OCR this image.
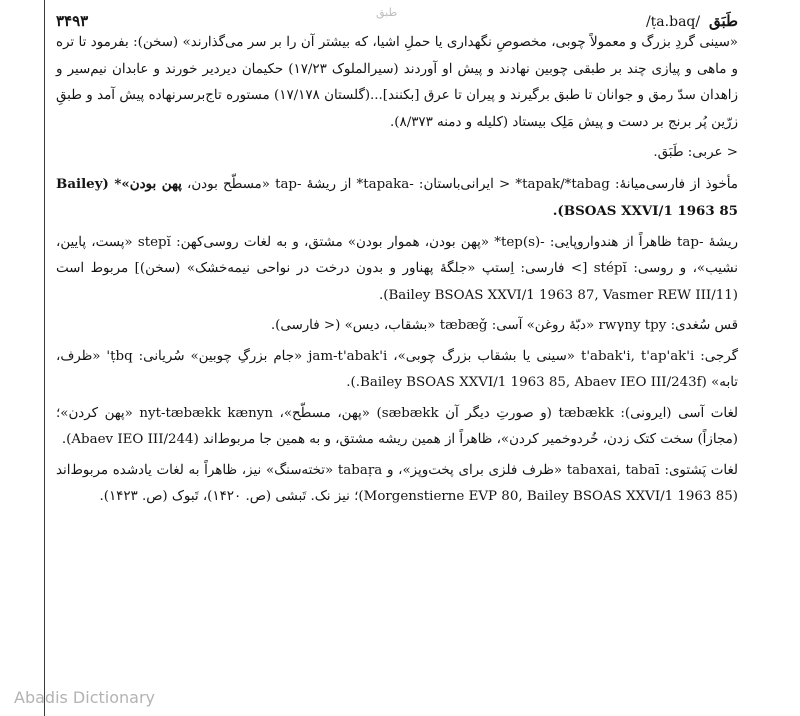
طبق	طَبَق  /ṭa.baq/
۳۴۹۳

«سینی گردِ بزرگ و معمولاً چوبی، مخصوصِ نگهداری یا حملِ اشیا، که بیشتر آن را بر سر می‌گذارند» (سخن): بفرمود تا تره و ماهی و پیازی چند بر طبقی چوبین نهادند و پیش او آوردند (سیرالملوک ۱۷/۲۳) حکیمان دیردیر خورند و عابدان نیم‌سیر و زاهدان سدّ رمق و جوانان تا طبق برگیرند و پیران تا عرق [بکنند]...(گلستان ۱۷/۱۷۸) مستوره تاج‌برسرنهاده پیش آمد و طبقِ زرّین پُر برنج بر دست و پیش مَلِک بیستاد (کلیله و دمنه ۸/۳۷۳).

< عربی: طَبَق.

مأخوذ از فارسی‌میانهٔ: tapak/*tabag* < ایرانی‌باستان: -tapaka* از ریشهٔ -tap «مسطّح بودن، پهن بودن»* (Bailey BSOAS XXVI/1 1963 85).

ریشهٔ -tap ظاهراً از هندواروپایی: -(s)tep* «پهن بودن، هموار بودن» مشتق، و به لغات روسی‌کهن: stepĭ «پست، پایین، نشیب»، و روسی: stépĭ [> فارسی: اِستپ «جلگهٔ پهناور و بدون درخت در نواحی نیمه‌خشک» (سخن)] مربوط است (Bailey BSOAS XXVI/1 1963 87, Vasmer REW III/11).

قس سُغدی: rwγny tpy «دبّهٔ روغن» آسی: tæbæǧ «بشقاب، دیس» (< فارسی).

گرجی: t'abak'i, t'ap'ak'i «سینی یا بشقاب بزرگ چوبی»، jam-t'abak'i «جام بزرگِ چوبین» سُریانی: ṭbq' «ظرف، تابه» (Bailey BSOAS XXVI/1 1963 85, Abaev IEO III/243f.).

لغات آسی (ایرونی): tæbækk (و صورتِ دیگر آن sæbækk) «پهن، مسطّح»، nyt-tæbækk kænyn «پهن کردن»؛ (مجازاً) سخت کتک زدن، خُردوخمیر کردن»، ظاهراً از همین ریشه مشتق، و به همین جا مربوط‌اند (Abaev IEO III/244).

لغات پَشتوی: tabaxai, tabaī «ظرف فلزی برای پخت‌وپز»، و tabaṛa «تخته‌سنگ» نیز، ظاهراً به لغات یادشده مربوط‌اند (Morgenstierne EVP 80, Bailey BSOAS XXVI/1 1963 85)؛ نیز نک. تَبشی (ص. ۱۴۲۰)، تَبوک (ص. ۱۴۲۳).

Abadis Dictionary
